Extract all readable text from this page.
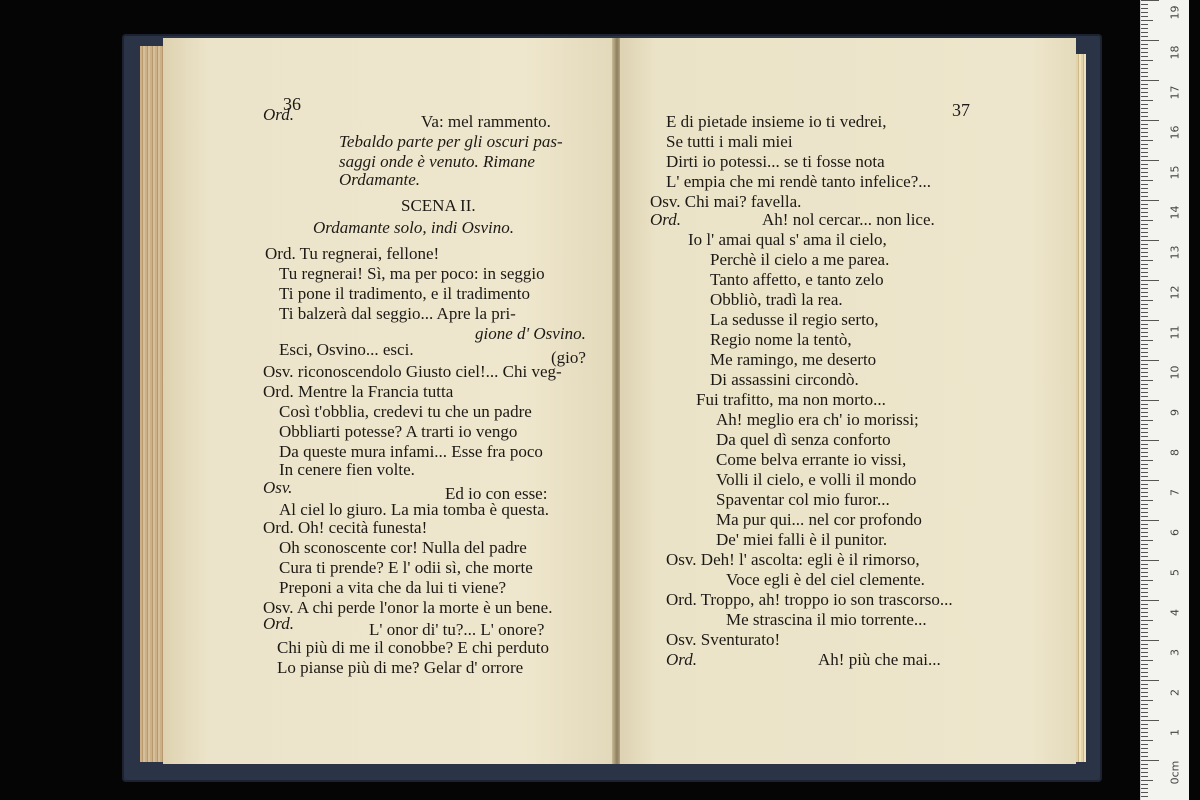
36
Ord.	Va: mel rammento.
Tebaldo parte per gli oscuri pas-
saggi onde è venuto. Rimane
Ordamante.
SCENA II.
Ordamante solo, indi Osvino.
Ord. Tu regnerai, fellone!
Tu regnerai! Sì, ma per poco: in seggio
Ti pone il tradimento, e il tradimento
Ti balzerà dal seggio... Apre la pri-
gione d' Osvino.
Esci, Osvino... esci.	(gio?
Osv. riconoscendolo Giusto ciel!... Chi veg-
Ord. Mentre la Francia tutta
Così t'obblia, credevi tu che un padre
Obbliarti potesse? A trarti io vengo
Da queste mura infami... Esse fra poco
In cenere fien volte.
Osv.	Ed io con esse:
Al ciel lo giuro. La mia tomba è questa.
Ord. Oh! cecità funesta!
Oh sconoscente cor! Nulla del padre
Cura ti prende? E l' odii sì, che morte
Preponi a vita che da lui ti viene?
Osv. A chi perde l'onor la morte è un bene.
Ord.	L' onor di' tu?... L' onore?
Chi più di me il conobbe? E chi perduto
Lo pianse più di me? Gelar d' orrore
37
E di pietade insieme io ti vedrei,
Se tutti i mali miei
Dirti io potessi... se ti fosse nota
L' empia che mi rendè tanto infelice?...
Osv. Chi mai? favella.
Ord.	Ah! nol cercar... non lice.
Io l' amai qual s' ama il cielo,
Perchè il cielo a me parea.
Tanto affetto, e tanto zelo
Obbliò, tradì la rea.
La sedusse il regio serto,
Regio nome la tentò,
Me ramingo, me deserto
Di assassini circondò.
Fui trafitto, ma non morto...
Ah! meglio era ch' io morissi;
Da quel dì senza conforto
Come belva errante io vissi,
Volli il cielo, e volli il mondo
Spaventar col mio furor...
Ma pur qui... nel cor profondo
De' miei falli è il punitor.
Osv. Deh! l' ascolta: egli è il rimorso,
Voce egli è del ciel clemente.
Ord. Troppo, ah! troppo io son trascorso...
Me strascina il mio torrente...
Osv. Sventurato!
Ord.	Ah! più che mai...
19
18
17
16
15
14
13
12
11
10
9
8
7
6
5
4
3
2
1
0cm
